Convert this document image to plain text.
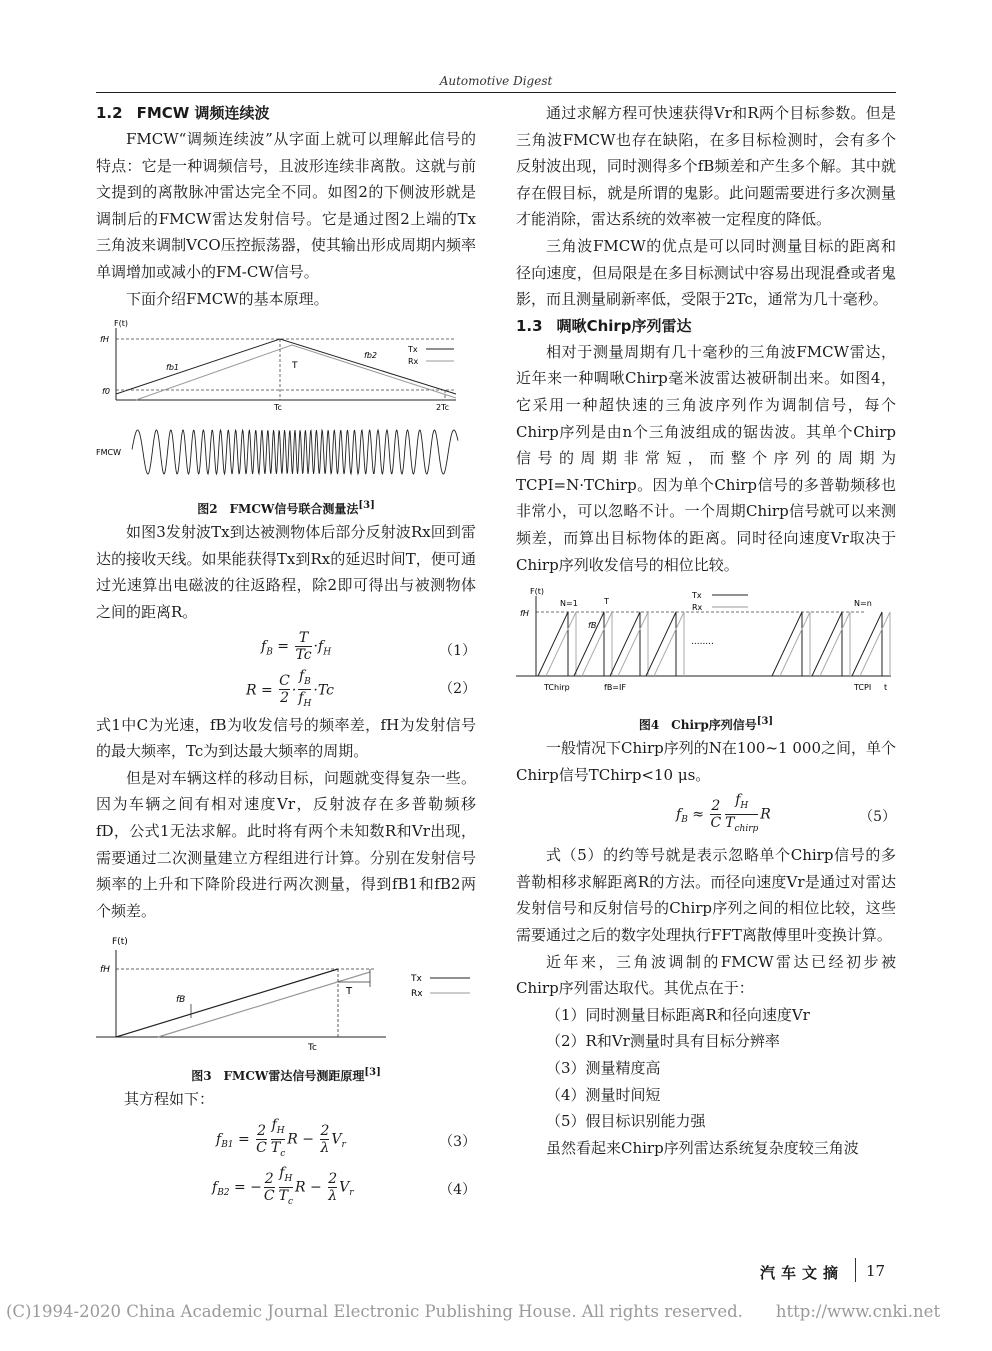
Automotive Digest
1.2 FMCW 调频连续波

FMCW“调频连续波”从字面上就可以理解此信号的特点：它是一种调频信号，且波形连续非离散。这就与前文提到的离散脉冲雷达完全不同。如图2的下侧波形就是调制后的FMCW雷达发射信号。它是通过图2上端的Tx三角波来调制VCO压控振荡器，使其输出形成周期内频率单调增加或减小的FM-CW信号。

下面介绍FMCW的基本原理。

F(t)
fH
f0
fb1
fb2
T
Tc	2Tc
Tx
Rx
FMCW
图2　FMCW信号联合测量法[3]

如图3发射波Tx到达被测物体后部分反射波Rx回到雷达的接收天线。如果能获得Tx到Rx的延迟时间T，便可通过光速算出电磁波的往返路程，除2即可得出与被测物体之间的距离R。

$f_B = \frac{T}{Tc} \cdot f_H$	（1）
$R = \frac{C}{2} \cdot \frac{f_B}{f_H} \cdot Tc$	（2）

式1中C为光速，fB为收发信号的频率差，fH为发射信号的最大频率，Tc为到达最大频率的周期。

但是对车辆这样的移动目标，问题就变得复杂一些。因为车辆之间有相对速度Vr，反射波存在多普勒频移fD，公式1无法求解。此时将有两个未知数R和Vr出现，需要通过二次测量建立方程组进行计算。分别在发射信号频率的上升和下降阶段进行两次测量，得到fB1和fB2两个频差。

F(t)
fH
T
fB
Tc
Tx
Rx
图3　FMCW雷达信号测距原理[3]

其方程如下：

$f_{B1} = \frac{2}{C} \frac{f_H}{T_c}$ $R - \frac{2}{\lambda} V_r$	（3）
$f_{B2}$ = − $\frac{2}{C} \frac{f_H}{T_c}$ $R - \frac{2}{\lambda} V_r$	（4）

通过求解方程可快速获得Vr和R两个目标参数。但是三角波FMCW也存在缺陷，在多目标检测时，会有多个反射波出现，同时测得多个fB频差和产生多个解。其中就存在假目标，就是所谓的鬼影。此问题需要进行多次测量才能消除，雷达系统的效率被一定程度的降低。

三角波FMCW的优点是可以同时测量目标的距离和径向速度，但局限是在多目标测试中容易出现混叠或者鬼影，而且测量刷新率低，受限于2Tc，通常为几十毫秒。

1.3 啁啾Chirp序列雷达

相对于测量周期有几十毫秒的三角波FMCW雷达，近年来一种啁啾Chirp毫米波雷达被研制出来。如图4，它采用一种超快速的三角波序列作为调制信号，每个Chirp序列是由n个三角波组成的锯齿波。其单个Chirp信号的周期非常短，而整个序列的周期为TCPI=N·TChirp。因为单个Chirp信号的多普勒频移也非常小，可以忽略不计。一个周期Chirp信号就可以来测频差，而算出目标物体的距离。同时径向速度Vr取决于Chirp序列收发信号的相位比较。

F(t)
fH
N=1	N=n
T
fB
........
TChirp	fB=IF	TCPI t
Tx
Rx
图4　Chirp序列信号[3]

一般情况下Chirp序列的N在100~1 000之间，单个Chirp信号TChirp<10 μs。

$f_B \approx \frac{2}{C} \frac{f_H}{T_{chirp}}$ R	（5）

式（5）的约等号就是表示忽略单个Chirp信号的多普勒相移求解距离R的方法。而径向速度Vr是通过对雷达发射信号和反射信号的Chirp序列之间的相位比较，这些需要通过之后的数字处理执行FFT离散傅里叶变换计算。

近年来，三角波调制的FMCW雷达已经初步被Chirp序列雷达取代。其优点在于：

（1）同时测量目标距离R和径向速度Vr

（2）R和Vr测量时具有目标分辨率

（3）测量精度高

（4）测量时间短

（5）假目标识别能力强

虽然看起来Chirp序列雷达系统复杂度较三角波

汽车文摘 17
(C)1994-2020 China Academic Journal Electronic Publishing House. All rights reserved.　　http://www.cnki.net
